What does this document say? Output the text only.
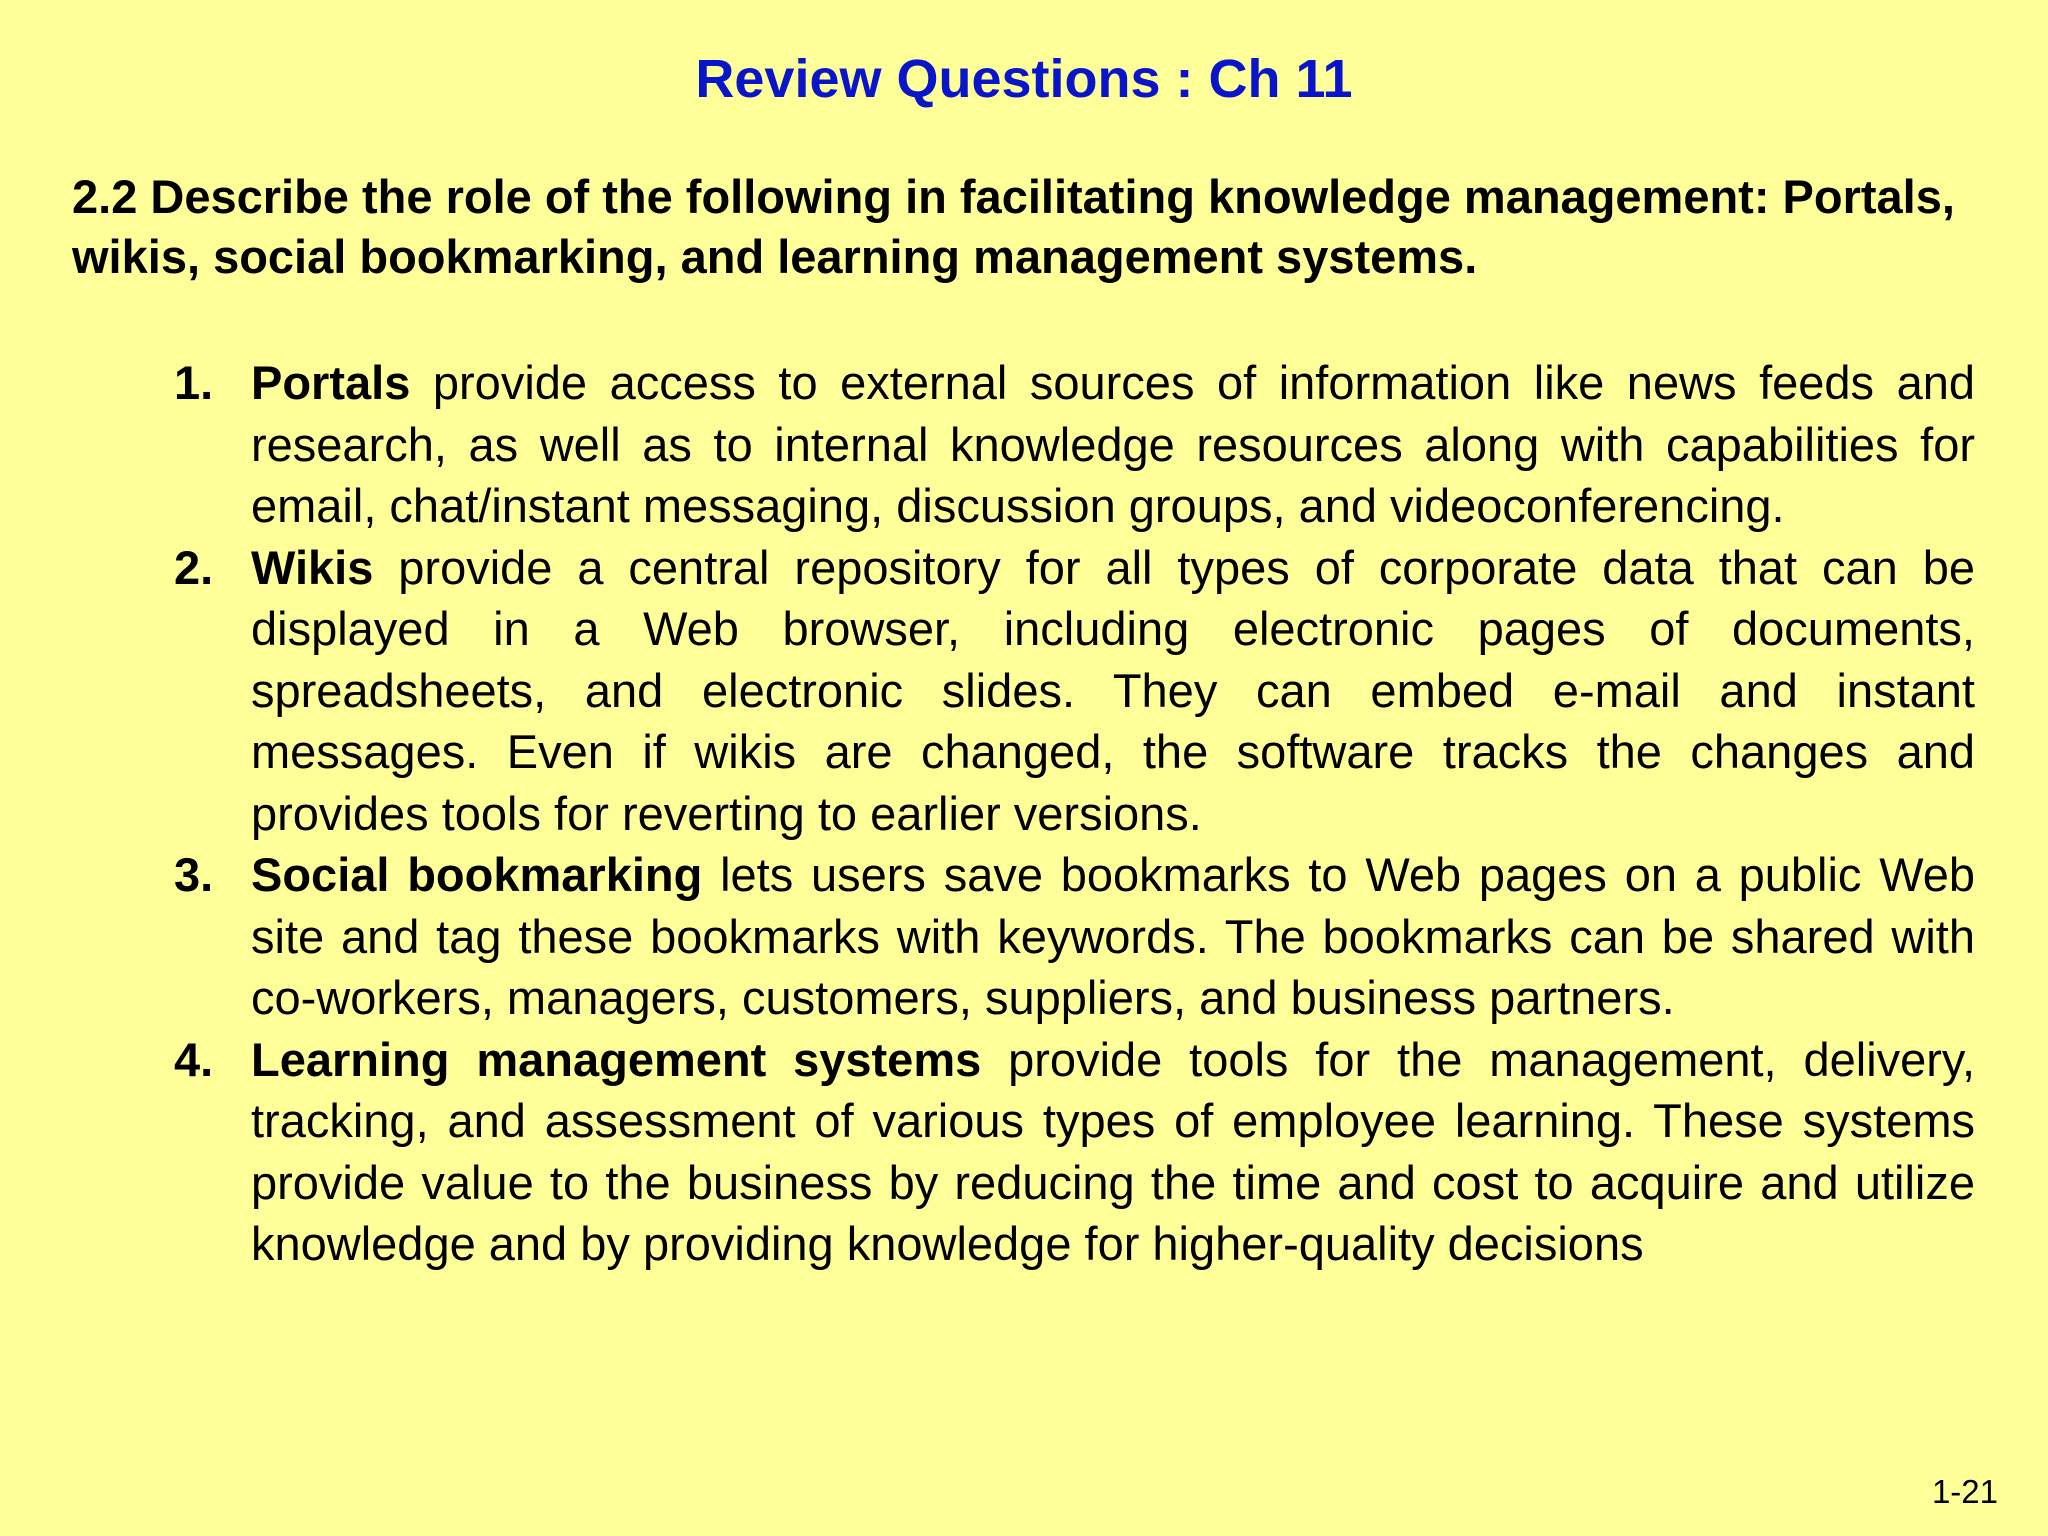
Review Questions : Ch 11

2.2 Describe the role of the following in facilitating knowledge management: Portals, wikis, social bookmarking, and learning management systems.

1. Portals provide access to external sources of information like news feeds and research, as well as to internal knowledge resources along with capabilities for email, chat/instant messaging, discussion groups, and videoconferencing.
2. Wikis provide a central repository for all types of corporate data that can be displayed in a Web browser, including electronic pages of documents, spreadsheets, and electronic slides. They can embed e-mail and instant messages. Even if wikis are changed, the software tracks the changes and provides tools for reverting to earlier versions.
3. Social bookmarking lets users save bookmarks to Web pages on a public Web site and tag these bookmarks with keywords. The bookmarks can be shared with co-workers, managers, customers, suppliers, and business partners.
4. Learning management systems provide tools for the management, delivery, tracking, and assessment of various types of employee learning. These systems provide value to the business by reducing the time and cost to acquire and utilize knowledge and by providing knowledge for higher-quality decisions
1-21
